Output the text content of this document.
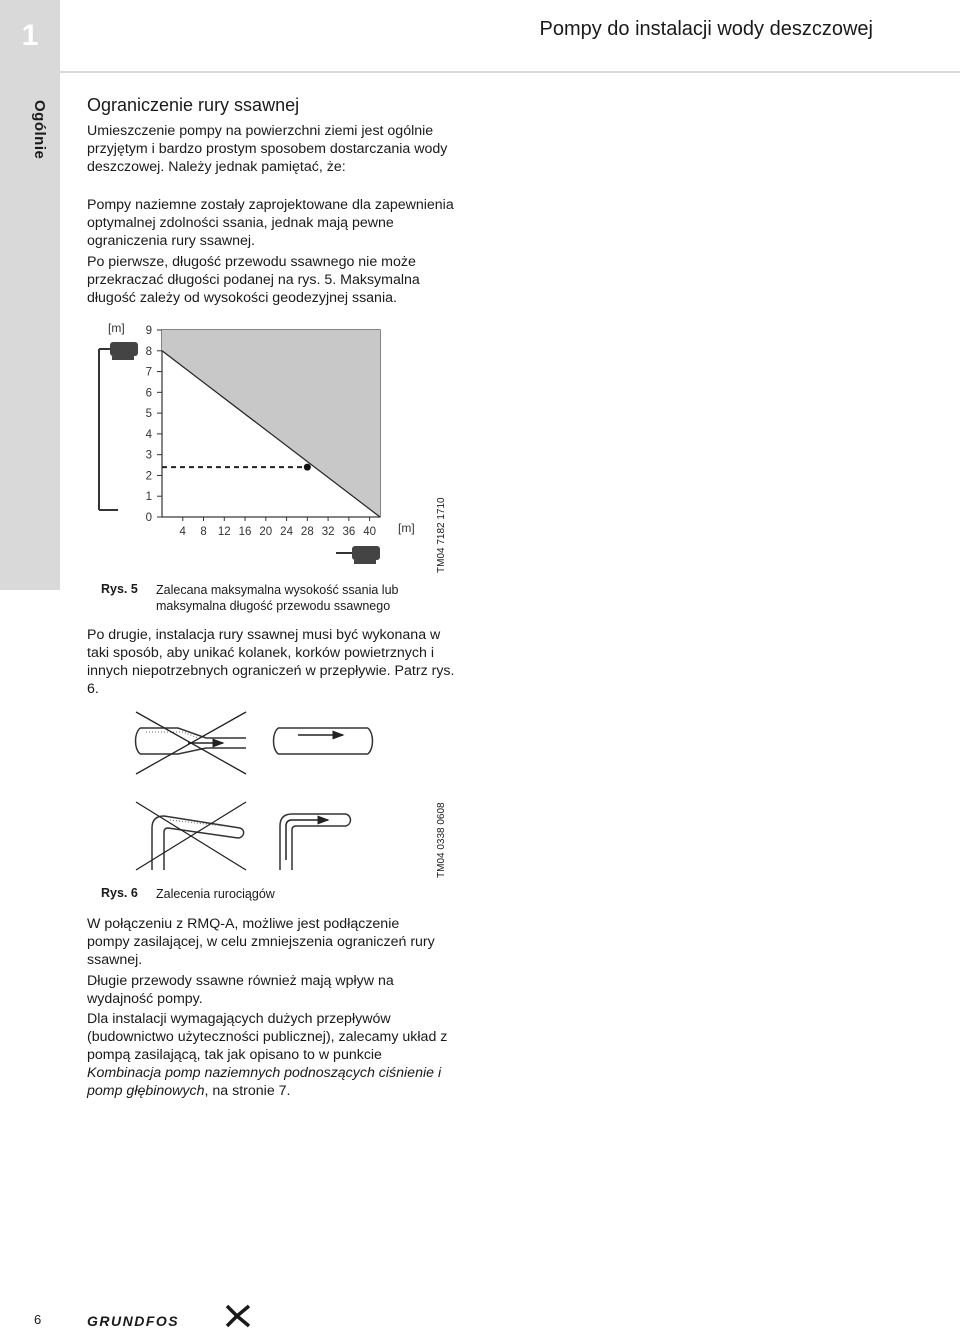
1	Pompy do instalacji wody deszczowej
Ogólnie Ograniczenie rury ssawnej

Umieszczenie pompy na powierzchni ziemi jest ogólnie przyjętym i bardzo prostym sposobem dostarczania wody deszczowej. Należy jednak pamiętać, że:

Pompy naziemne zostały zaprojektowane dla zapewnienia optymalnej zdolności ssania, jednak mają pewne ograniczenia rury ssawnej.

Po pierwsze, długość przewodu ssawnego nie może przekraczać długości podanej na rys. 5. Maksymalna długość zależy od wysokości geodezyjnej ssania.

0
1
2
3
4
5
6
7
8
9
4 8 12 16 20 24 28 32 36 40
[m]
[m] TM04 7182 1710
Rys. 5 Zalecana maksymalna wysokość ssania lub
maksymalna długość przewodu ssawnego

Po drugie, instalacja rury ssawnej musi być wykonana w taki sposób, aby unikać kolanek, korków powietrznych i innych niepotrzebnych ograniczeń w przepływie. Patrz rys. 6.

TM04 0338 0608
Rys. 6 Zalecenia rurociągów

W połączeniu z RMQ-A, możliwe jest podłączenie pompy zasilającej, w celu zmniejszenia ograniczeń rury ssawnej.

Długie przewody ssawne również mają wpływ na wydajność pompy.

Dla instalacji wymagających dużych przepływów (budownictwo użyteczności publicznej), zalecamy układ z pompą zasilającą, tak jak opisano to w punkcie Kombinacja pomp naziemnych podnoszących ciśnienie i pomp głębinowych, na stronie 7.

6	GRUNDFOS
